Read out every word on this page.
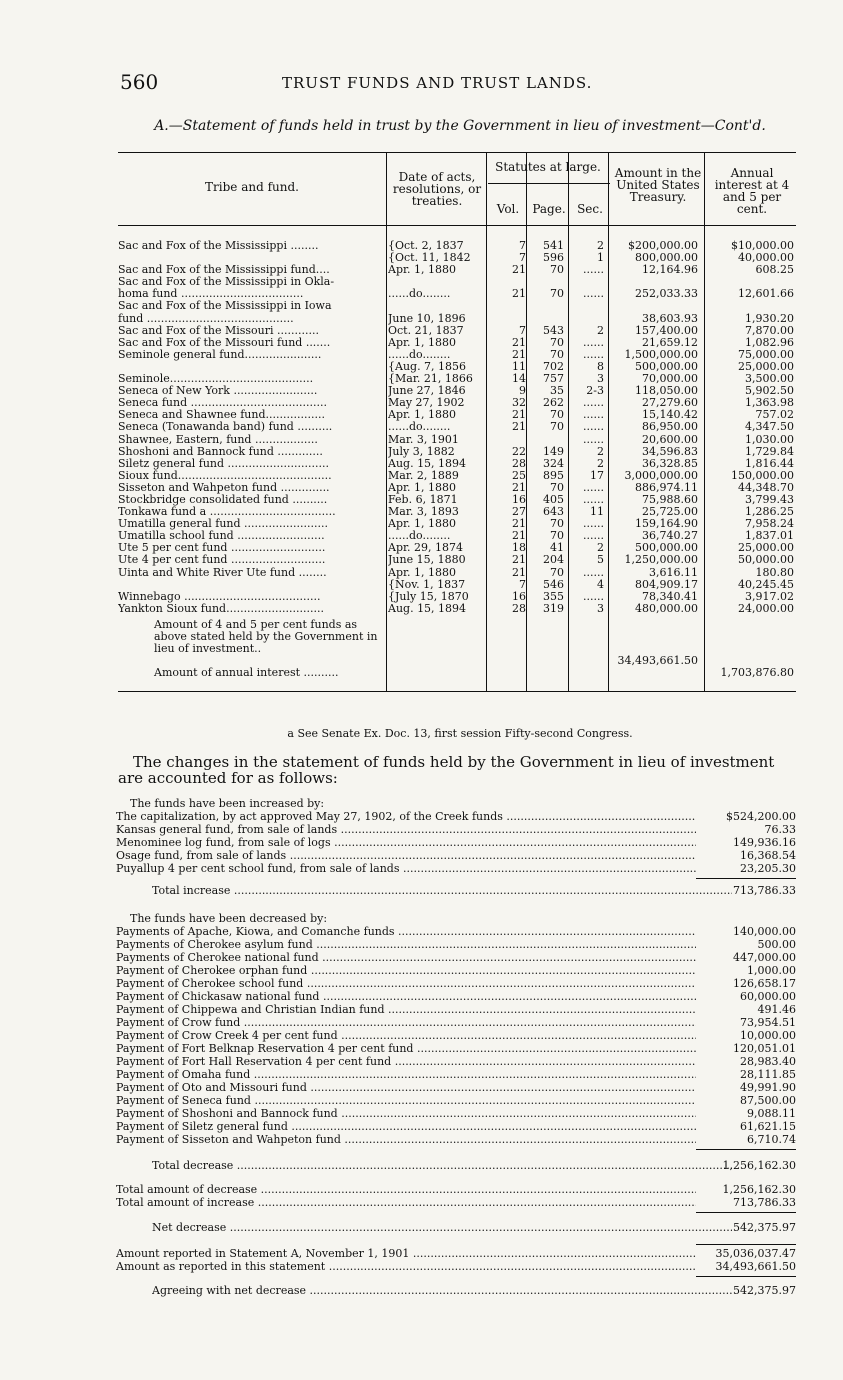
560	TRUST FUNDS AND TRUST LANDS.
A.—Statement of funds held in trust by the Government in lieu of investment—Cont'd.
Tribe and fund.
Date of acts, resolutions, or treaties.
Statutes at large.
Vol.	Page. Sec.
Amount in the United States Treasury.
Annual interest at 4 and 5 per cent.
Sac and Fox of the Mississippi ........	{Oct. 2, 1837	7	541	2	$200,000.00	$10,000.00
{Oct. 11, 1842	7	596	1	800,000.00	40,000.00
Sac and Fox of the Mississippi fund....	Apr. 1, 1880	21	70	......	12,164.96	608.25
Sac and Fox of the Mississippi in Okla-
homa fund ...................................	......do........	21	70	......	252,033.33	12,601.66
Sac and Fox of the Mississippi in Iowa
fund ..........................................	June 10, 1896	38,603.93	1,930.20
Sac and Fox of the Missouri ............	Oct. 21, 1837	7	543	2	157,400.00	7,870.00
Sac and Fox of the Missouri fund .......	Apr. 1, 1880	21	70	......	21,659.12	1,082.96
Seminole general fund......................	......do........	21	70	......	1,500,000.00	75,000.00
{Aug. 7, 1856	11	702	8	500,000.00	25,000.00
Seminole.........................................	{Mar. 21, 1866	14	757	3	70,000.00	3,500.00
Seneca of New York ........................	June 27, 1846	9	35	2-3	118,050.00	5,902.50
Seneca fund .......................................	May 27, 1902	32	262	......	27,279.60	1,363.98
Seneca and Shawnee fund.................	Apr. 1, 1880	21	70	......	15,140.42	757.02
Seneca (Tonawanda band) fund ..........	......do........	21	70	......	86,950.00	4,347.50
Shawnee, Eastern, fund ..................	Mar. 3, 1901	......	20,600.00	1,030.00
Shoshoni and Bannock fund .............	July 3, 1882	22	149	2	34,596.83	1,729.84
Siletz general fund .............................	Aug. 15, 1894	28	324	2	36,328.85	1,816.44
Sioux fund............................................	Mar. 2, 1889	25	895	17	3,000,000.00	150,000.00
Sisseton and Wahpeton fund ..............	Apr. 1, 1880	21	70	......	886,974.11	44,348.70
Stockbridge consolidated fund ..........	Feb. 6, 1871	16	405	......	75,988.60	3,799.43
Tonkawa fund a ....................................	Mar. 3, 1893	27	643	11	25,725.00	1,286.25
Umatilla general fund ........................	Apr. 1, 1880	21	70	......	159,164.90	7,958.24
Umatilla school fund .........................	......do........	21	70	......	36,740.27	1,837.01
Ute 5 per cent fund ...........................	Apr. 29, 1874	18	41	2	500,000.00	25,000.00
Ute 4 per cent fund ...........................	June 15, 1880	21	204	5	1,250,000.00	50,000.00
Uinta and White River Ute fund ........	Apr. 1, 1880	21	70	......	3,616.11	180.80
{Nov. 1, 1837	7	546	4	804,909.17	40,245.45
Winnebago .......................................	{July 15, 1870	16	355	......	78,340.41	3,917.02
Yankton Sioux fund............................	Aug. 15, 1894	28	319	3	480,000.00	24,000.00
Amount of 4 and 5 per cent funds as above stated held by the Government in lieu of investment..
Amount of annual interest ..........
34,493,661.50
1,703,876.80
a See Senate Ex. Doc. 13, first session Fifty-second Congress.
The changes in the statement of funds held by the Government in lieu of investment are accounted for as follows:
The funds have been increased by:
The capitalization, by act approved May 27, 1902, of the Creek funds .....	$524,200.00
Kansas general fund, from sale of lands .....	76.33
Menominee log fund, from sale of logs .....	149,936.16
Osage fund, from sale of lands .....	16,368.54
Puyallup 4 per cent school fund, from sale of lands .....	23,205.30
Total increase .....	713,786.33
The funds have been decreased by:
Payments of Apache, Kiowa, and Comanche funds .....	140,000.00
Payments of Cherokee asylum fund .....	500.00
Payments of Cherokee national fund .....	447,000.00
Payment of Cherokee orphan fund .....	1,000.00
Payment of Cherokee school fund .....	126,658.17
Payment of Chickasaw national fund .....	60,000.00
Payment of Chippewa and Christian Indian fund .....	491.46
Payment of Crow fund .....	73,954.51
Payment of Crow Creek 4 per cent fund .....	10,000.00
Payment of Fort Belknap Reservation 4 per cent fund .....	120,051.01
Payment of Fort Hall Reservation 4 per cent fund .....	28,983.40
Payment of Omaha fund .....	28,111.85
Payment of Oto and Missouri fund .....	49,991.90
Payment of Seneca fund .....	87,500.00
Payment of Shoshoni and Bannock fund .....	9,088.11
Payment of Siletz general fund .....	61,621.15
Payment of Sisseton and Wahpeton fund .....	6,710.74
Total decrease .....	1,256,162.30
Total amount of decrease .....	1,256,162.30
Total amount of increase .....	713,786.33
Net decrease .....	542,375.97
Amount reported in Statement A, November 1, 1901 .....	35,036,037.47
Amount as reported in this statement .....	34,493,661.50
Agreeing with net decrease .....	542,375.97
